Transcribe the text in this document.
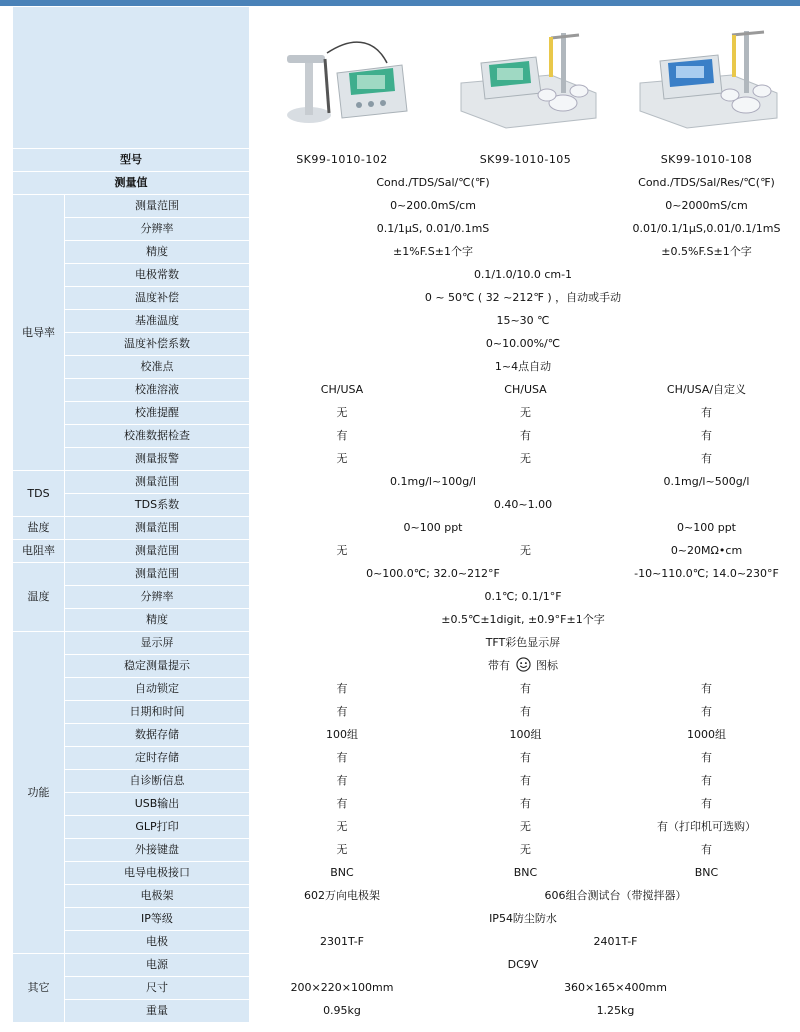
型号		SK99-1010-102	SK99-1010-105	SK99-1010-108
测量值		Cond./TDS/Sal/℃(℉)		Cond./TDS/Sal/Res/℃(℉)
电导率	测量范围	0~200.0mS/cm		0~2000mS/cm
	分辨率	0.1/1μS, 0.01/0.1mS		0.01/0.1/1μS,0.01/0.1/1mS
	精度	±1%F.S±1个字		±0.5%F.S±1个字
	电极常数	0.1/1.0/10.0 cm-1		
	温度补偿	0 ~ 50℃ ( 32 ~212℉ ) ，自动或手动		
	基准温度	15~30 ℃		
	温度补偿系数	0~10.00%/℃		
	校准点	1~4点自动		
	校准溶液	CH/USA	CH/USA	CH/USA/自定义
	校准提醒	无	无	有
	校准数据检查	有	有	有
	测量报警	无	无	有
TDS	测量范围	0.1mg/l~100g/l		0.1mg/l~500g/l
	TDS系数	0.40~1.00		
盐度	测量范围	0~100 ppt		0~100 ppt
电阻率	测量范围	无	无	0~20MΩ•cm
温度	测量范围	0~100.0℃; 32.0~212°F		-10~110.0℃; 14.0~230°F
	分辨率	0.1℃; 0.1/1°F		
	精度	±0.5℃±1digit, ±0.9°F±1个字		
功能	显示屏	TFT彩色显示屏		
	稳定测量提示	带有 图标		
	自动锁定	有	有	有
	日期和时间	有	有	有
	数据存储	100组	100组	1000组
	定时存储	有	有	有
	自诊断信息	有	有	有
	USB输出	有	有	有
	GLP打印	无	无	有（打印机可选购）
	外接键盘	无	无	有
	电导电极接口	BNC	BNC	BNC
	电极架	602万向电极架	606组合测试台（带搅拌器）	
	IP等级	IP54防尘防水		
	电极	2301T-F	2401T-F	
其它	电源	DC9V		
	尺寸	200×220×100mm	360×165×400mm	
	重量	0.95kg	1.25kg	
